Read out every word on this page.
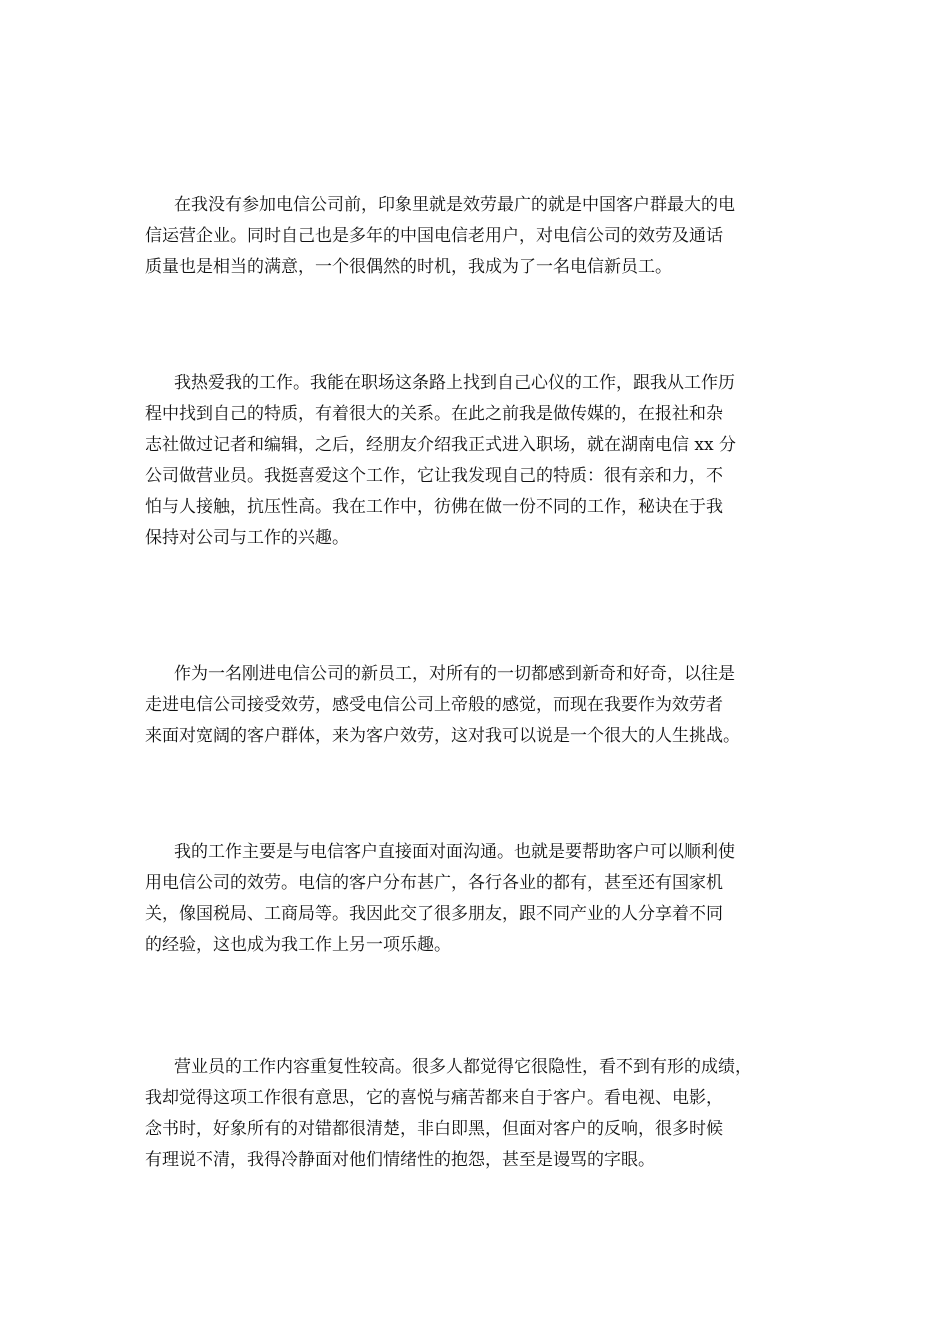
在我没有参加电信公司前，印象里就是效劳最广的就是中国客户群最大的电
信运营企业。同时自己也是多年的中国电信老用户，对电信公司的效劳及通话
质量也是相当的满意，一个很偶然的时机，我成为了一名电信新员工。
我热爱我的工作。我能在职场这条路上找到自己心仪的工作，跟我从工作历
程中找到自己的特质，有着很大的关系。在此之前我是做传媒的，在报社和杂
志社做过记者和编辑，之后，经朋友介绍我正式进入职场，就在湖南电信 xx 分
公司做营业员。我挺喜爱这个工作，它让我发现自己的特质：很有亲和力，不
怕与人接触，抗压性高。我在工作中，彷佛在做一份不同的工作，秘诀在于我
保持对公司与工作的兴趣。
作为一名刚进电信公司的新员工，对所有的一切都感到新奇和好奇，以往是
走进电信公司接受效劳，感受电信公司上帝般的感觉，而现在我要作为效劳者
来面对宽阔的客户群体，来为客户效劳，这对我可以说是一个很大的人生挑战。
我的工作主要是与电信客户直接面对面沟通。也就是要帮助客户可以顺利使
用电信公司的效劳。电信的客户分布甚广，各行各业的都有，甚至还有国家机
关，像国税局、工商局等。我因此交了很多朋友，跟不同产业的人分享着不同
的经验，这也成为我工作上另一项乐趣。
营业员的工作内容重复性较高。很多人都觉得它很隐性，看不到有形的成绩，
我却觉得这项工作很有意思，它的喜悦与痛苦都来自于客户。看电视、电影，
念书时，好象所有的对错都很清楚，非白即黑，但面对客户的反响，很多时候
有理说不清，我得冷静面对他们情绪性的抱怨，甚至是谩骂的字眼。
